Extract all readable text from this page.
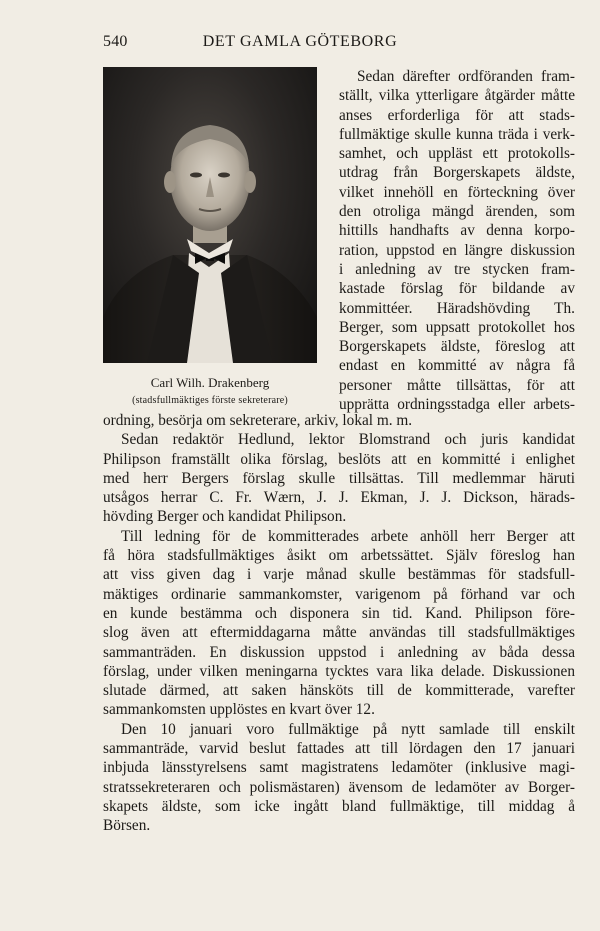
540	DET GAMLA GÖTEBORG
Carl Wilh. Drakenberg
(stadsfullmäktiges förste sekreterare)
Sedan därefter ordföranden fram-
ställt, vilka ytterligare åtgärder måtte
anses erforderliga för att stads-
fullmäktige skulle kunna träda i verk-
samhet, och uppläst ett protokolls-
utdrag från Borgerskapets äldste,
vilket innehöll en förteckning över
den otroliga mängd ärenden, som
hittills handhafts av denna korpo-
ration, uppstod en längre diskussion
i anledning av tre stycken fram-
kastade förslag för bildande av
kommittéer. Häradshövding Th.
Berger, som uppsatt protokollet hos
Borgerskapets äldste, föreslog att
endast en kommitté av några få
personer måtte tillsättas, för att
upprätta ordningsstadga eller arbets-
ordning, besörja om sekreterare, arkiv, lokal m. m.
Sedan redaktör Hedlund, lektor Blomstrand och juris kandidat
Philipson framställt olika förslag, beslöts att en kommitté i enlighet
med herr Bergers förslag skulle tillsättas. Till medlemmar häruti
utsågos herrar C. Fr. Wærn, J. J. Ekman, J. J. Dickson, härads-
hövding Berger och kandidat Philipson.
Till ledning för de kommitterades arbete anhöll herr Berger att
få höra stadsfullmäktiges åsikt om arbetssättet. Själv föreslog han
att viss given dag i varje månad skulle bestämmas för stadsfull-
mäktiges ordinarie sammankomster, varigenom på förhand var och
en kunde bestämma och disponera sin tid. Kand. Philipson före-
slog även att eftermiddagarna måtte användas till stadsfullmäktiges
sammanträden. En diskussion uppstod i anledning av båda dessa
förslag, under vilken meningarna tycktes vara lika delade. Diskussionen
slutade därmed, att saken hänsköts till de kommitterade, varefter
sammankomsten upplöstes en kvart över 12.
Den 10 januari voro fullmäktige på nytt samlade till enskilt
sammanträde, varvid beslut fattades att till lördagen den 17 januari
inbjuda länsstyrelsens samt magistratens ledamöter (inklusive magi-
stratssekreteraren och polismästaren) ävensom de ledamöter av Borger-
skapets äldste, som icke ingått bland fullmäktige, till middag å
Börsen.
